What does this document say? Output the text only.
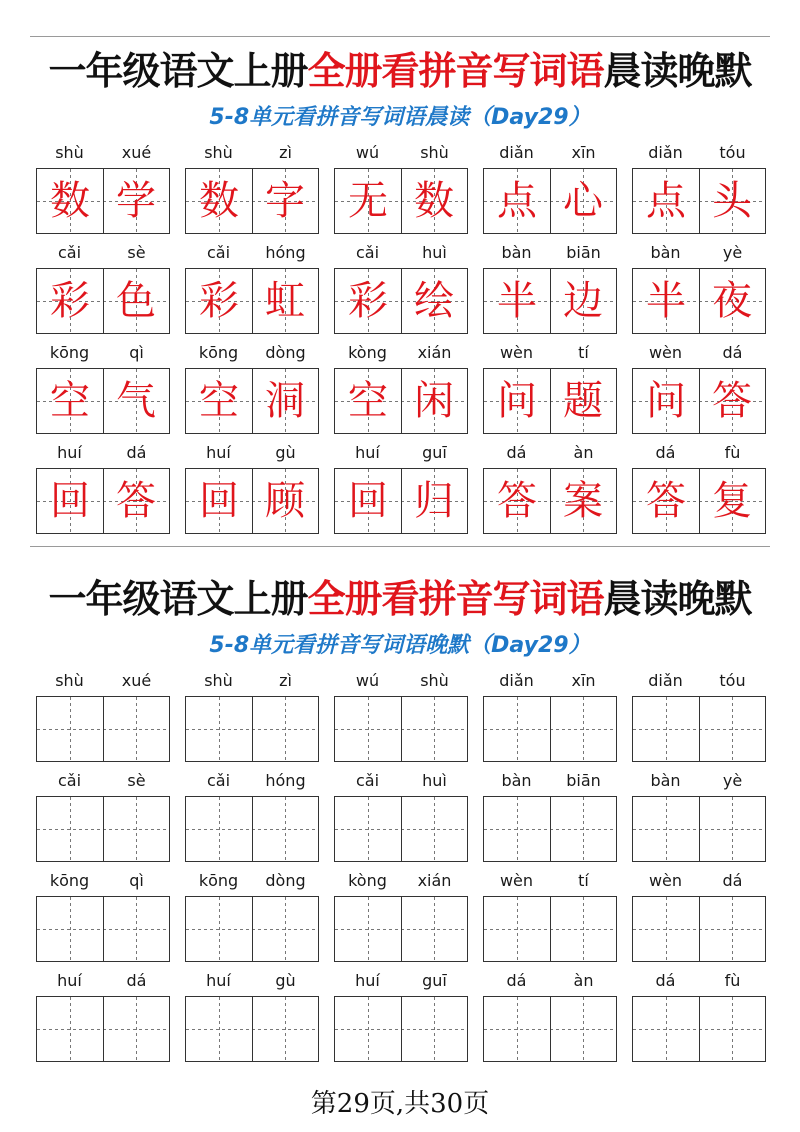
一年级语文上册全册看拼音写词语晨读晚默
5-8单元看拼音写词语晨读（Day29）
shù	xué
数 学
shù	zì
数 字
wú	shù
无 数
diǎn	xīn
点 心
diǎn	tóu
点 头
cǎi	sè
彩 色
cǎi	hóng
彩 虹
cǎi	huì
彩 绘
bàn	biān
半 边
bàn	yè
半 夜
kōng	qì
空 气
kōng	dòng
空 洞
kòng	xián
空 闲
wèn	tí
问 题
wèn	dá
问 答
huí	dá
回 答
huí	gù
回 顾
huí	guī
回 归
dá	àn
答 案
dá	fù
答 复
一年级语文上册全册看拼音写词语晨读晚默
5-8单元看拼音写词语晚默（Day29）
shù	xué	shù	zì	wú	shù	diǎn	xīn	diǎn	tóu
cǎi	sè	cǎi	hóng	cǎi	huì	bàn	biān	bàn	yè
kōng	qì	kōng	dòng	kòng	xián	wèn	tí	wèn	dá
huí	dá	huí	gù	huí	guī	dá	àn	dá	fù
第29页,共30页
